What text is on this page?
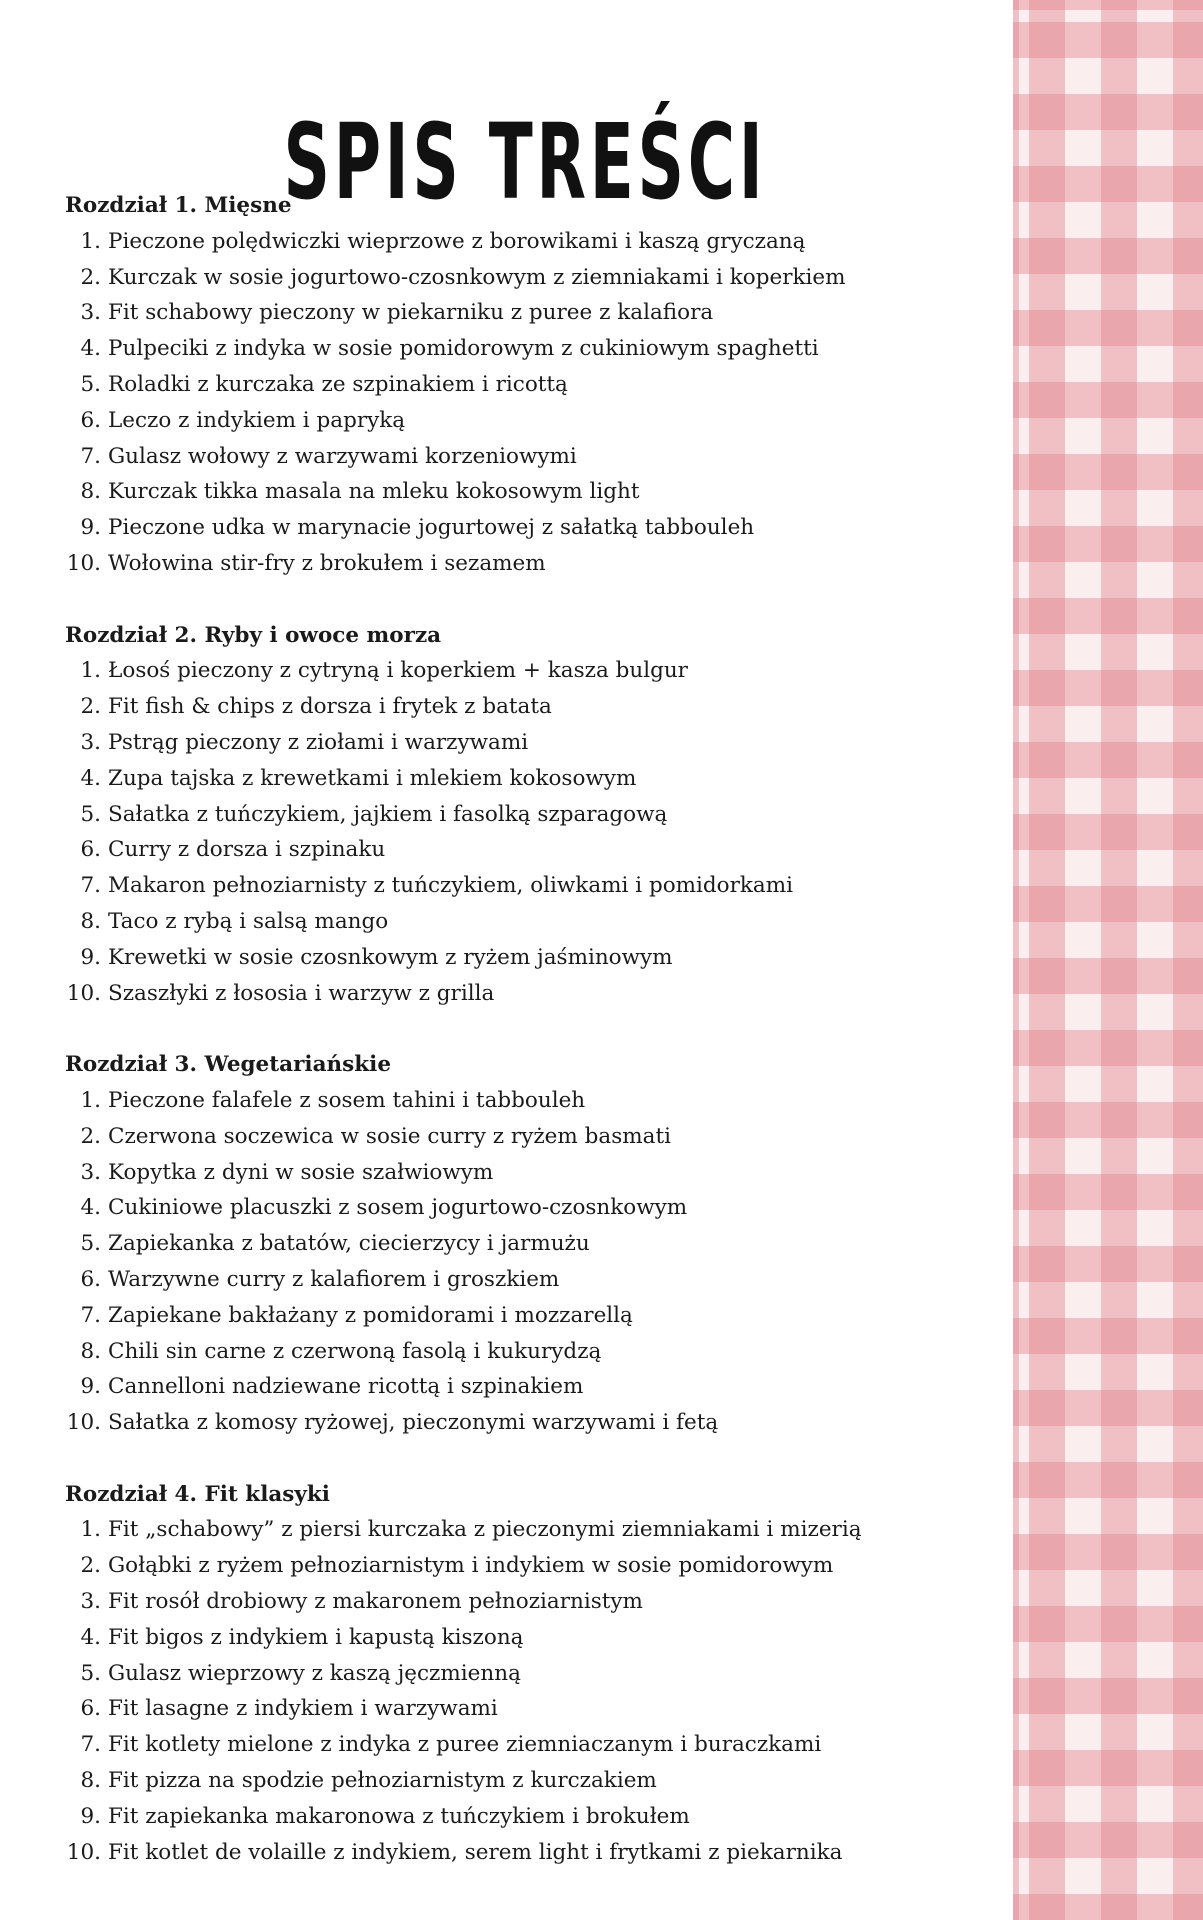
SPIS TREŚCI
Rozdział 1. Mięsne
1. Pieczone polędwiczki wieprzowe z borowikami i kaszą gryczaną
2. Kurczak w sosie jogurtowo-czosnkowym z ziemniakami i koperkiem
3. Fit schabowy pieczony w piekarniku z puree z kalafiora
4. Pulpeciki z indyka w sosie pomidorowym z cukiniowym spaghetti
5. Roladki z kurczaka ze szpinakiem i ricottą
6. Leczo z indykiem i papryką
7. Gulasz wołowy z warzywami korzeniowymi
8. Kurczak tikka masala na mleku kokosowym light
9. Pieczone udka w marynacie jogurtowej z sałatką tabbouleh
10. Wołowina stir-fry z brokułem i sezamem
Rozdział 2. Ryby i owoce morza
1. Łosoś pieczony z cytryną i koperkiem + kasza bulgur
2. Fit fish & chips z dorsza i frytek z batata
3. Pstrąg pieczony z ziołami i warzywami
4. Zupa tajska z krewetkami i mlekiem kokosowym
5. Sałatka z tuńczykiem, jajkiem i fasolką szparagową
6. Curry z dorsza i szpinaku
7. Makaron pełnoziarnisty z tuńczykiem, oliwkami i pomidorkami
8. Taco z rybą i salsą mango
9. Krewetki w sosie czosnkowym z ryżem jaśminowym
10. Szaszłyki z łososia i warzyw z grilla
Rozdział 3. Wegetariańskie
1. Pieczone falafele z sosem tahini i tabbouleh
2. Czerwona soczewica w sosie curry z ryżem basmati
3. Kopytka z dyni w sosie szałwiowym
4. Cukiniowe placuszki z sosem jogurtowo-czosnkowym
5. Zapiekanka z batatów, ciecierzycy i jarmużu
6. Warzywne curry z kalafiorem i groszkiem
7. Zapiekane bakłażany z pomidorami i mozzarellą
8. Chili sin carne z czerwoną fasolą i kukurydzą
9. Cannelloni nadziewane ricottą i szpinakiem
10. Sałatka z komosy ryżowej, pieczonymi warzywami i fetą
Rozdział 4. Fit klasyki
1. Fit „schabowy” z piersi kurczaka z pieczonymi ziemniakami i mizerią
2. Gołąbki z ryżem pełnoziarnistym i indykiem w sosie pomidorowym
3. Fit rosół drobiowy z makaronem pełnoziarnistym
4. Fit bigos z indykiem i kapustą kiszoną
5. Gulasz wieprzowy z kaszą jęczmienną
6. Fit lasagne z indykiem i warzywami
7. Fit kotlety mielone z indyka z puree ziemniaczanym i buraczkami
8. Fit pizza na spodzie pełnoziarnistym z kurczakiem
9. Fit zapiekanka makaronowa z tuńczykiem i brokułem
10. Fit kotlet de volaille z indykiem, serem light i frytkami z piekarnika
